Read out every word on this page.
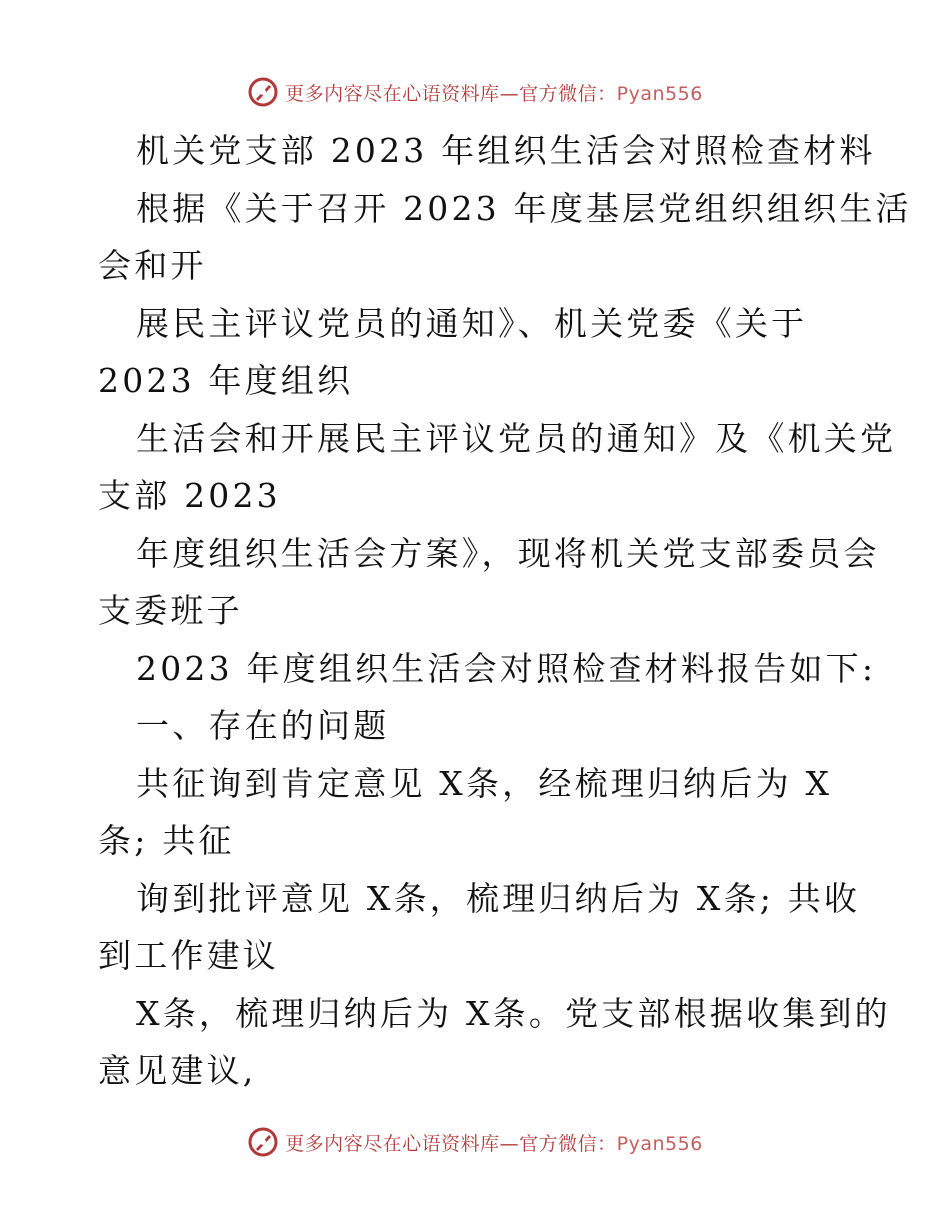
更多内容尽在心语资料库—官方微信：Pyan556
机关党支部 2023 年组织生活会对照检查材料
根据《关于召开 2023 年度基层党组织组织生活
会和开
展民主评议党员的通知》、机关党委《关于
2023 年度组织
生活会和开展民主评议党员的通知》及《机关党
支部 2023
年度组织生活会方案》，现将机关党支部委员会
支委班子
2023 年度组织生活会对照检查材料报告如下:
一、存在的问题
共征询到肯定意见 X条，经梳理归纳后为 X
条; 共征
询到批评意见 X条，梳理归纳后为 X条; 共收
到工作建议
X条，梳理归纳后为 X条。党支部根据收集到的
意见建议,
更多内容尽在心语资料库—官方微信：Pyan556
